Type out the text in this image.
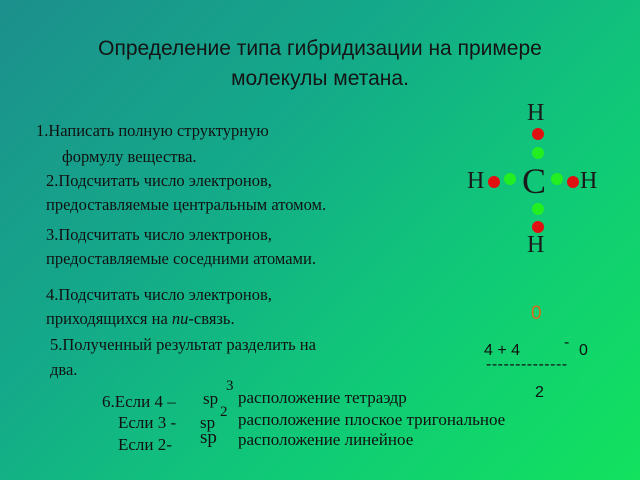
Определение типа гибридизации на примере
молекулы метана.
1.Написать полную структурную
формулу вещества.
2.Подсчитать число электронов,
предоставляемые центральным атомом.
3.Подсчитать число электронов,
предоставляемые соседними атомами.
4.Подсчитать число электронов,
приходящихся на пи-связь.
5.Полученный результат разделить на
два.
H
H C H
H
0
4 + 4	- 0
--------------
2
6.Если 4 – sp
3
расположение тетраэдр
Если 3 - sp
2 расположение плоское тригональное
Если 2- sp расположение линейное
